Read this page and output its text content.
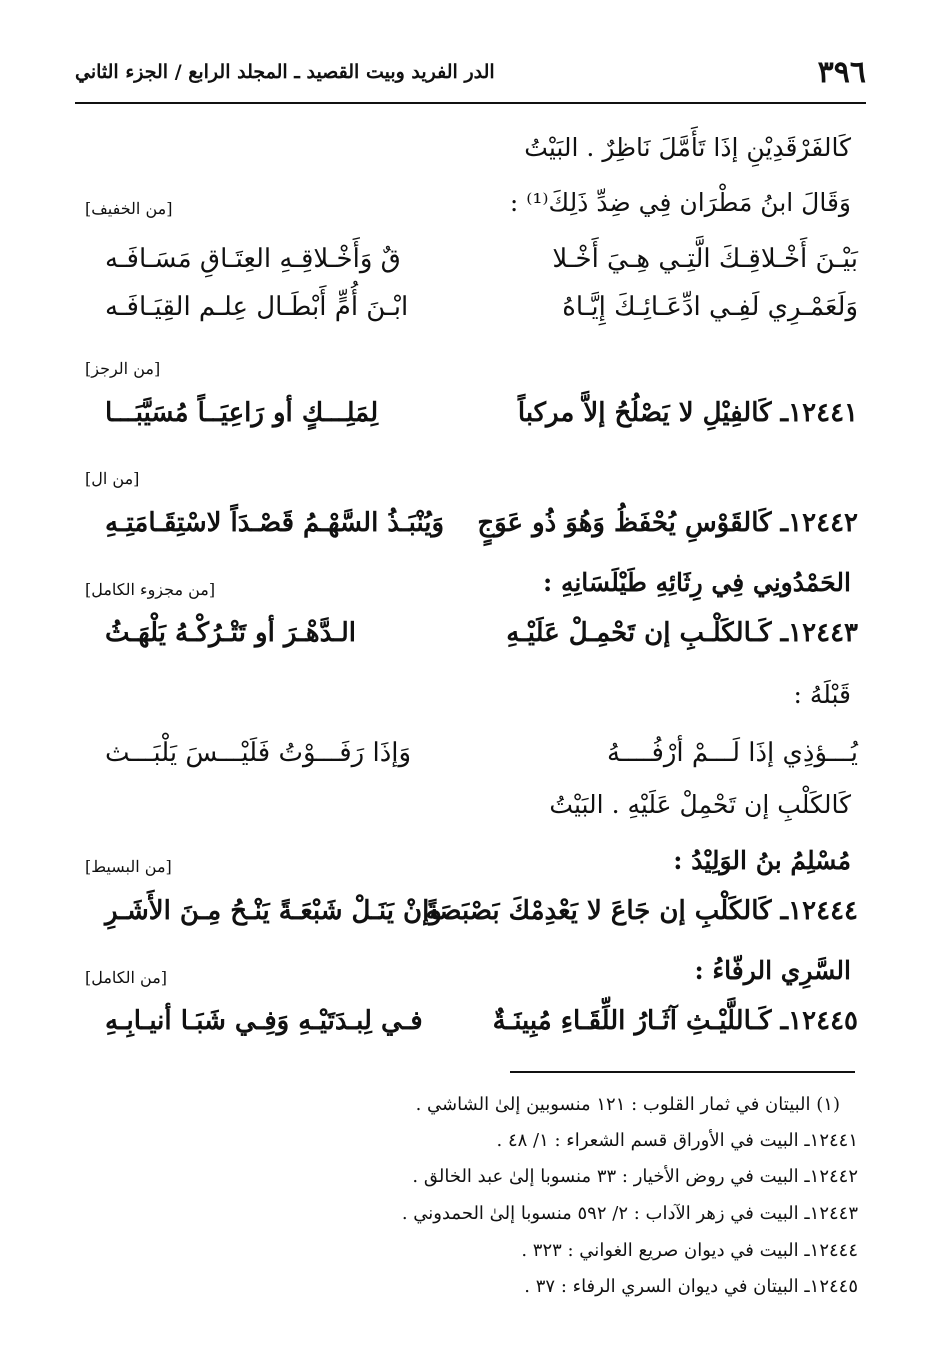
٣٩٦
الدر الفريد وبيت القصيد ـ المجلد الرابع / الجزء الثاني
كَالفَرْقَدِيْنِ إذَا تَأَمَّلَ نَاظِرٌ . البَيْتُ
وَقَالَ ابنُ مَطْرَان فِي ضِدِّ ذَلِكَ⁽¹⁾ :
[من الخفيف]
بَيْـنَ أَخْـلاقِـكَ الَّتِـي هِـيَ أَخْـلا
قٌ وَأَخْـلاقِـهِ العِتَـاقِ مَسَـافَـه
وَلَعَمْـرِي لَفِـي ادِّعَـائِـكَ إِيَّـاهُ
ابْـنَ أُمٍّ أَبْطَـال عِلـم القِيَـافَـه
[من الرجز]
١٢٤٤١ـ كَالفِيْلِ لا يَصْلُحُ إلاَّ مركباً
لِمَلِـــكٍ أو رَاعِيَــاً مُسَيَّبَـــا
[من ال]
١٢٤٤٢ـ كَالقَوْسِ يُحْفَظُ وَهُوَ ذُو عَوَجٍ
وَيُنْبَـذُ السَّهْـمُ قَصْـدَاً لاسْتِقَـامَتِـهِ
الحَمْدُونِي فِي رِثَائِهِ طَيْلَسَانِهِ :
[من مجزوء الكامل]
١٢٤٤٣ـ كَـالكَلْـبِ إن تَحْمِـلْ عَلَيْـهِ
الـدَّهْـرَ أو تَتْـرُكْـهُ يَلْهَـثُ
قَبْلَهُ :
يُـــؤذِي إذَا لَـــمْ أرْفُــــهُ
وَإذَا رَفَـــوْتُ فَلَيْـــسَ يَلْبَـــث
كَالكَلْبِ إن تَحْمِلْ عَلَيْهِ . البَيْتُ
مُسْلِمُ بنُ الوَلِيْدُ :
[من البسيط]
١٢٤٤٤ـ كَالكَلْبِ إن جَاعَ لا يَعْدِمْكَ بَصْبَصَةً
وإنْ يَنَـلْ شَبْعَـةً يَنْـحُ مِـنَ الأَشَـرِ
السَّرِي الرفّاءُ :
[من الكامل]
١٢٤٤٥ـ كَـاللَّيْـثِ آثَـارُ اللِّقَـاءِ مُبِينَـةٌ
فـي لِبـدَتَيْـهِ وَفِـي شَبَـا أنيـابِـهِ
(١) البيتان في ثمار القلوب : ١٢١ منسوبين إلىٰ الشاشي .
١٢٤٤١ـ البيت في الأوراق قسم الشعراء : ١/ ٤٨ .
١٢٤٤٢ـ البيت في روض الأخيار : ٣٣ منسوبا إلىٰ عبد الخالق .
١٢٤٤٣ـ البيت في زهر الآداب : ٢/ ٥٩٢ منسوبا إلىٰ الحمدوني .
١٢٤٤٤ـ البيت في ديوان صريع الغواني : ٣٢٣ .
١٢٤٤٥ـ البيتان في ديوان السري الرفاء : ٣٧ .
